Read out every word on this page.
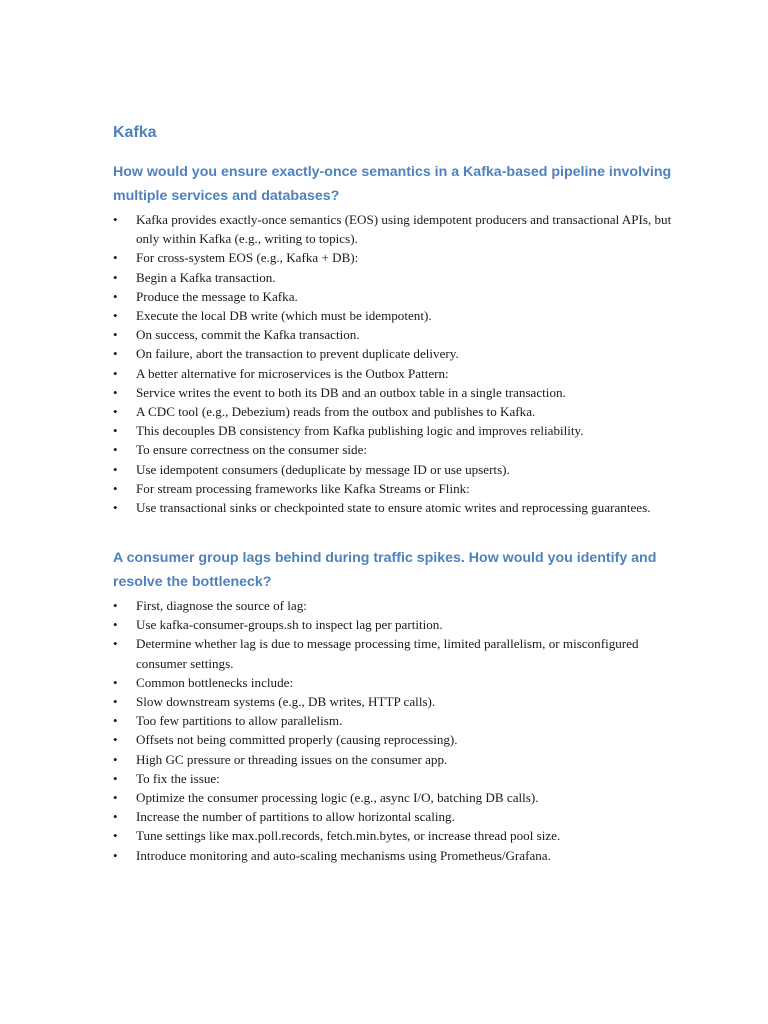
Kafka
How would you ensure exactly-once semantics in a Kafka-based pipeline involving multiple services and databases?
•	Kafka provides exactly-once semantics (EOS) using idempotent producers and transactional APIs, but only within Kafka (e.g., writing to topics).
•	For cross-system EOS (e.g., Kafka + DB):
•	Begin a Kafka transaction.
•	Produce the message to Kafka.
•	Execute the local DB write (which must be idempotent).
•	On success, commit the Kafka transaction.
•	On failure, abort the transaction to prevent duplicate delivery.
•	A better alternative for microservices is the Outbox Pattern:
•	Service writes the event to both its DB and an outbox table in a single transaction.
•	A CDC tool (e.g., Debezium) reads from the outbox and publishes to Kafka.
•	This decouples DB consistency from Kafka publishing logic and improves reliability.
•	To ensure correctness on the consumer side:
•	Use idempotent consumers (deduplicate by message ID or use upserts).
•	For stream processing frameworks like Kafka Streams or Flink:
•	Use transactional sinks or checkpointed state to ensure atomic writes and reprocessing guarantees.
A consumer group lags behind during traffic spikes. How would you identify and resolve the bottleneck?
•	First, diagnose the source of lag:
•	Use kafka-consumer-groups.sh to inspect lag per partition.
•	Determine whether lag is due to message processing time, limited parallelism, or misconfigured consumer settings.
•	Common bottlenecks include:
•	Slow downstream systems (e.g., DB writes, HTTP calls).
•	Too few partitions to allow parallelism.
•	Offsets not being committed properly (causing reprocessing).
•	High GC pressure or threading issues on the consumer app.
•	To fix the issue:
•	Optimize the consumer processing logic (e.g., async I/O, batching DB calls).
•	Increase the number of partitions to allow horizontal scaling.
•	Tune settings like max.poll.records, fetch.min.bytes, or increase thread pool size.
•	Introduce monitoring and auto-scaling mechanisms using Prometheus/Grafana.
